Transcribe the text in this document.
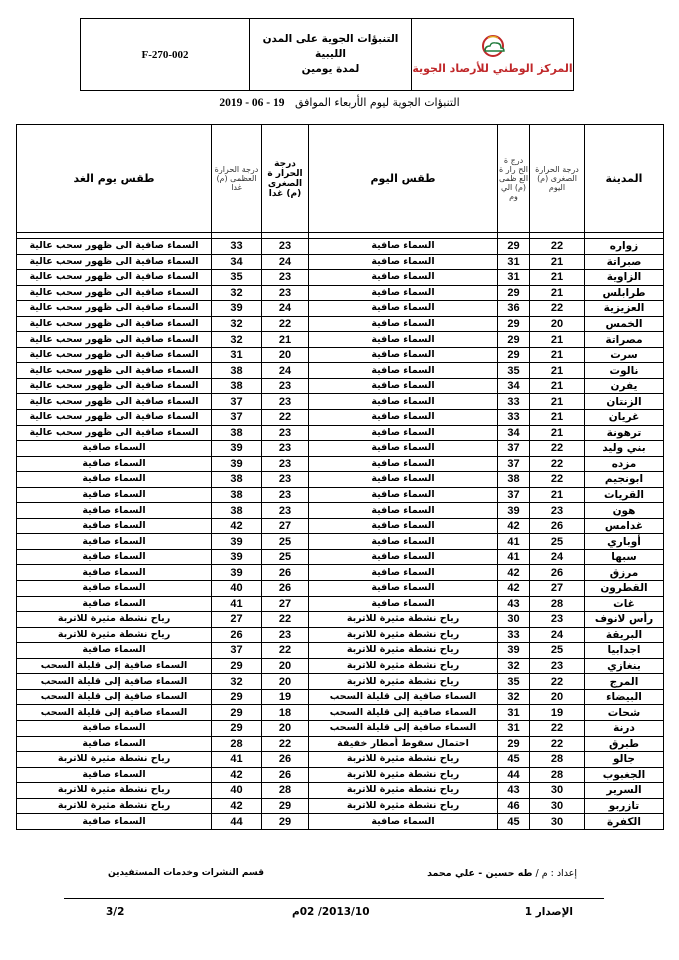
المركز الوطني للأرصاد الجوية
التنبؤات الجوية على المدن الليبية
لمدة يومين
F-270-002
التنبؤات الجوية ليوم الأربعاء الموافق   19 - 06 - 2019
المدينة	درجة الحرارة الصغرى (م) اليوم	درج ة الح رار ة الع ظمى (م) الي وم	طقس اليوم	درجة الحرار ة الصغرى (م) غدا	درجة الحرارة العظمى (م) غدا	طقس يوم الغد

زواره	22	29	السماء صافية	23	33	السماء صافية الى ظهور سحب عالية
صبراتة	21	31	السماء صافية	24	34	السماء صافية الى ظهور سحب عالية
الزاوية	21	31	السماء صافية	23	35	السماء صافية الى ظهور سحب عالية
طرابلس	21	29	السماء صافية	23	32	السماء صافية الى ظهور سحب عالية
العزيزية	22	36	السماء صافية	24	39	السماء صافية الى ظهور سحب عالية
الخمس	20	29	السماء صافية	22	32	السماء صافية الى ظهور سحب عالية
مصراتة	21	29	السماء صافية	21	32	السماء صافية الى ظهور سحب عالية
سرت	21	29	السماء صافية	20	31	السماء صافية الى ظهور سحب عالية
نالوت	21	35	السماء صافية	24	38	السماء صافية الى ظهور سحب عالية
يفرن	21	34	السماء صافية	23	38	السماء صافية الى ظهور سحب عالية
الزنتان	21	33	السماء صافية	23	37	السماء صافية الى ظهور سحب عالية
غريان	21	33	السماء صافية	22	37	السماء صافية الى ظهور سحب عالية
ترهونة	21	34	السماء صافية	23	38	السماء صافية الى ظهور سحب عالية
بني وليد	22	37	السماء صافية	23	39	السماء صافية
مزده	22	37	السماء صافية	23	39	السماء صافية
ابونجيم	22	38	السماء صافية	23	38	السماء صافية
القريات	21	37	السماء صافية	23	38	السماء صافية
هون	23	39	السماء صافية	23	38	السماء صافية
غدامس	26	42	السماء صافية	27	42	السماء صافية
أوباري	25	41	السماء صافية	25	39	السماء صافية
سبها	24	41	السماء صافية	25	39	السماء صافية
مرزق	26	42	السماء صافية	26	39	السماء صافية
القطرون	27	42	السماء صافية	26	40	السماء صافية
غات	28	43	السماء صافية	27	41	السماء صافية
رأس لانوف	23	30	رياح نشطة مثيرة للاتربة	22	27	رياح نشطة مثيرة للاتربة
البريقة	24	33	رياح نشطة مثيرة للاتربة	23	26	رياح نشطة مثيرة للاتربة
اجدابيا	25	39	رياح نشطة مثيرة للاتربة	22	37	السماء صافية
بنغازي	23	32	رياح نشطة مثيرة للاتربة	20	29	السماء صافية إلى قليلة السحب
المرج	22	35	رياح نشطة مثيرة للاتربة	20	32	السماء صافية إلى قليلة السحب
البيضاء	20	32	السماء صافية إلى قليلة السحب	19	29	السماء صافية إلى قليلة السحب
شحات	19	31	السماء صافية إلى قليلة السحب	18	29	السماء صافية إلى قليلة السحب
درنة	22	31	السماء صافية إلى قليلة السحب	20	29	السماء صافية
طبرق	22	29	احتمال سقوط أمطار خفيفة	22	28	السماء صافية
جالو	28	45	رياح نشطة مثيرة للاتربة	26	41	رياح نشطة مثيرة للاتربة
الجغبوب	28	44	رياح نشطة مثيرة للاتربة	26	42	السماء صافية
السرير	30	43	رياح نشطة مثيرة للاتربة	28	40	رياح نشطة مثيرة للاتربة
تازربو	30	46	رياح نشطة مثيرة للاتربة	29	42	رياح نشطة مثيرة للاتربة
الكفرة	30	45	السماء صافية	29	44	السماء صافية
قسم النشرات وخدمات المستفيدين	إعداد : م / طه حسين - علي محمد
الإصدار 1
2013/10/ 02م
3/2
